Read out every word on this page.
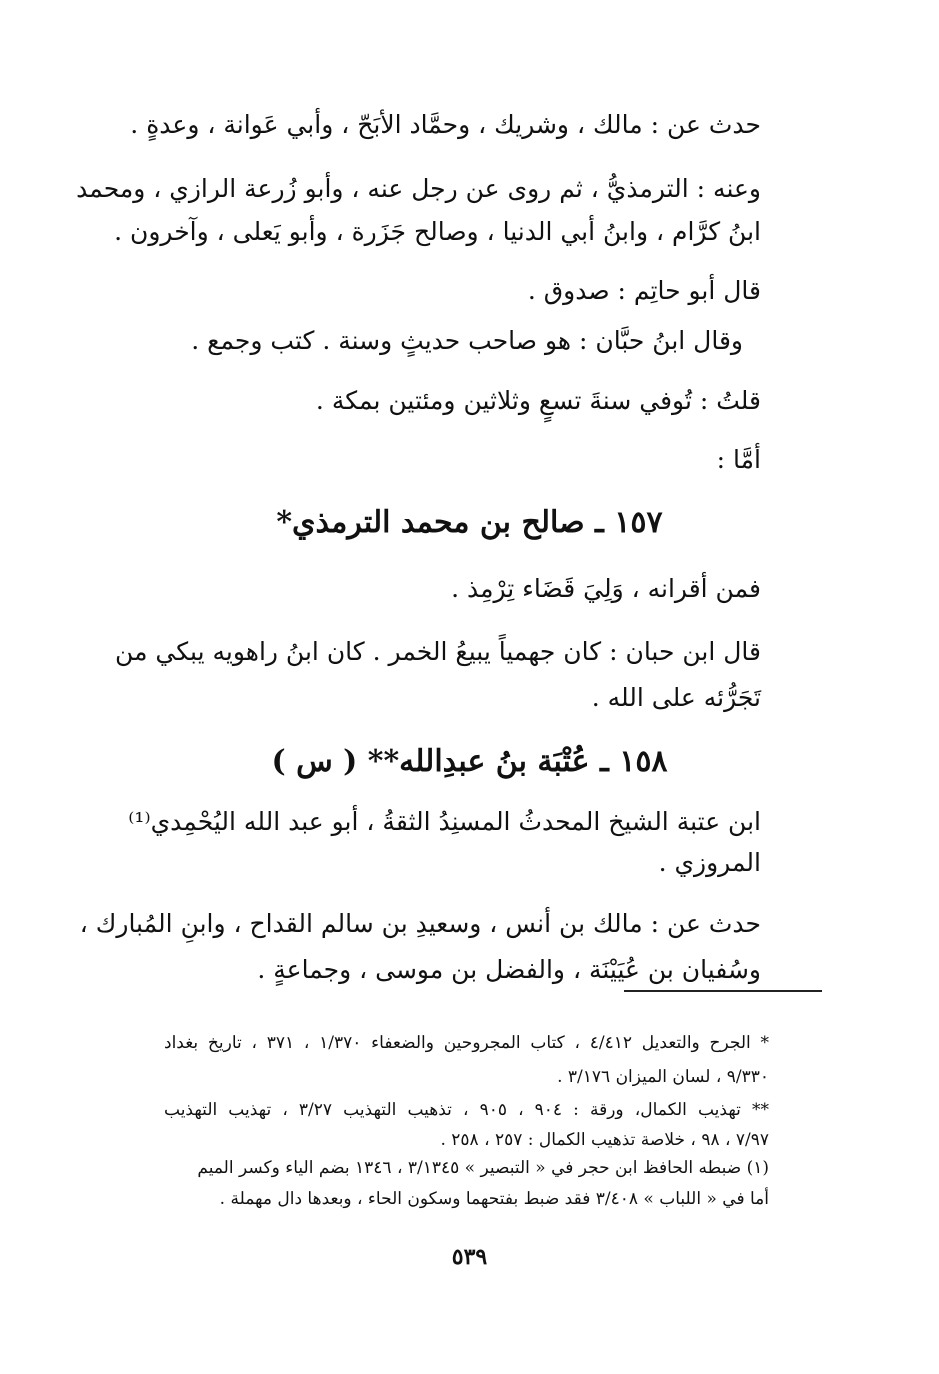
حدث عن : مالك ، وشريك ، وحمَّاد الأبَحّ ، وأبي عَوانة ، وعدةٍ .
وعنه : الترمذيُّ ، ثم روى عن رجل عنه ، وأبو زُرعة الرازي ، ومحمد
ابنُ كرَّام ، وابنُ أبي الدنيا ، وصالح جَزَرة ، وأبو يَعلى ، وآخرون .
قال أبو حاتِم : صدوق .
وقال ابنُ حبَّان : هو صاحب حديثٍ وسنة . كتب وجمع .
قلتُ : تُوفي سنةَ تسعٍ وثلاثين ومئتين بمكة .
أمَّا :
١٥٧ ـ صالح بن محمد الترمذي*
فمن أقرانه ، وَلِيَ قَضَاء تِرْمِذ .
قال ابن حبان : كان جهمياً يبيعُ الخمر . كان ابنُ راهويه يبكي من
تَجَرُّئه على الله .
١٥٨ ـ عُتْبَة بنُ عبدِالله** ( س )
ابن عتبة الشيخ المحدثُ المسنِدُ الثقةُ ، أبو عبد الله اليُحْمِدي⁽¹⁾
المروزي .
حدث عن : مالك بن أنس ، وسعيدِ بن سالم القداح ، وابنِ المُبارك ،
وسُفيان بن عُيَيْنَة ، والفضل بن موسى ، وجماعةٍ .
* الجرح والتعديل ٤/٤١٢ ، كتاب المجروحين والضعفاء ١/٣٧٠ ، ٣٧١ ، تاريخ بغداد
٩/٣٣٠ ، لسان الميزان ٣/١٧٦ .
** تهذيب الكمال، ورقة : ٩٠٤ ، ٩٠٥ ، تذهيب التهذيب ٣/٢٧ ، تهذيب التهذيب
٧/٩٧ ، ٩٨ ، خلاصة تذهيب الكمال : ٢٥٧ ، ٢٥٨ .
(١) ضبطه الحافظ ابن حجر في « التبصير » ٣/١٣٤٥ ، ١٣٤٦ بضم الياء وكسر الميم
أما في « اللباب » ٣/٤٠٨ فقد ضبط بفتحهما وسكون الحاء ، وبعدها دال مهملة .
٥٣٩
